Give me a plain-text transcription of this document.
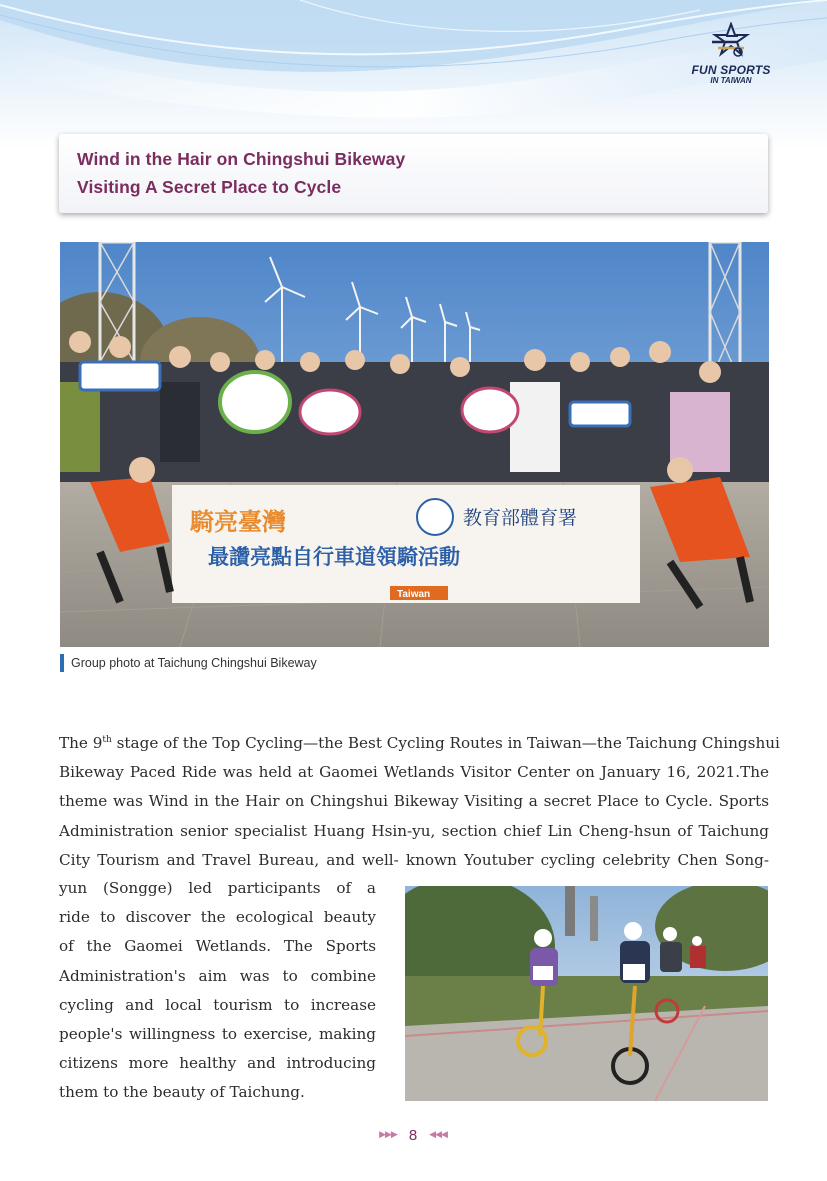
FUN SPORTS
IN TAIWAN
Wind in the Hair on Chingshui Bikeway
Visiting A Secret Place to Cycle
騎亮臺灣	教育部體育署
最讚亮點自行車道領騎活動
Taiwan
Group photo at Taichung Chingshui Bikeway
The 9th stage of the Top Cycling—the Best Cycling Routes in Taiwan—the Taichung Chingshui
Bikeway Paced Ride was held at Gaomei Wetlands Visitor Center on January 16, 2021.The
theme was Wind in the Hair on Chingshui Bikeway Visiting a secret Place to Cycle. Sports
Administration senior specialist Huang Hsin-yu, section chief Lin Cheng-hsun of Taichung
City Tourism and Travel Bureau, and well- known Youtuber cycling celebrity Chen Song-
yun (Songge) led participants of a
ride to discover the ecological beauty
of the Gaomei Wetlands. The Sports
Administration's aim was to combine
cycling and local tourism to increase
people's willingness to exercise, making
citizens more healthy and introducing
them to the beauty of Taichung.
▶▶▶ 8 ◀◀◀
